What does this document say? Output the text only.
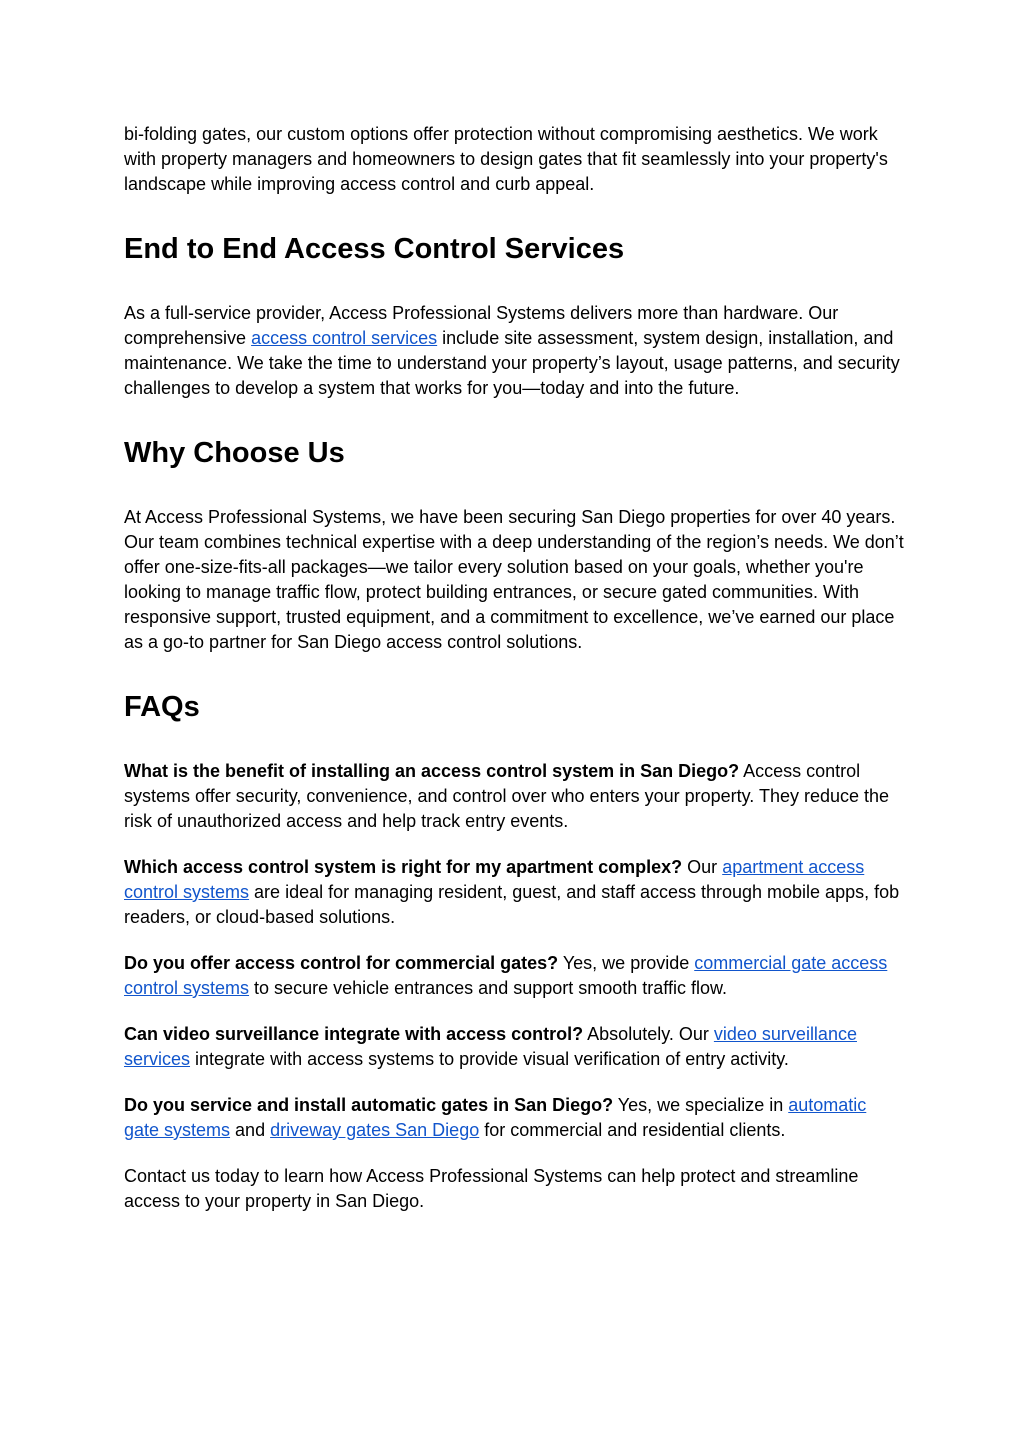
bi-folding gates, our custom options offer protection without compromising aesthetics. We work with property managers and homeowners to design gates that fit seamlessly into your property's landscape while improving access control and curb appeal.

End to End Access Control Services

As a full-service provider, Access Professional Systems delivers more than hardware. Our comprehensive access control services include site assessment, system design, installation, and maintenance. We take the time to understand your property’s layout, usage patterns, and security challenges to develop a system that works for you—today and into the future.

Why Choose Us

At Access Professional Systems, we have been securing San Diego properties for over 40 years. Our team combines technical expertise with a deep understanding of the region’s needs. We don’t offer one-size-fits-all packages—we tailor every solution based on your goals, whether you're looking to manage traffic flow, protect building entrances, or secure gated communities. With responsive support, trusted equipment, and a commitment to excellence, we’ve earned our place as a go-to partner for San Diego access control solutions.

FAQs

What is the benefit of installing an access control system in San Diego? Access control systems offer security, convenience, and control over who enters your property. They reduce the risk of unauthorized access and help track entry events.

Which access control system is right for my apartment complex? Our apartment access control systems are ideal for managing resident, guest, and staff access through mobile apps, fob readers, or cloud-based solutions.

Do you offer access control for commercial gates? Yes, we provide commercial gate access control systems to secure vehicle entrances and support smooth traffic flow.

Can video surveillance integrate with access control? Absolutely. Our video surveillance services integrate with access systems to provide visual verification of entry activity.

Do you service and install automatic gates in San Diego? Yes, we specialize in automatic gate systems and driveway gates San Diego for commercial and residential clients.

Contact us today to learn how Access Professional Systems can help protect and streamline access to your property in San Diego.
